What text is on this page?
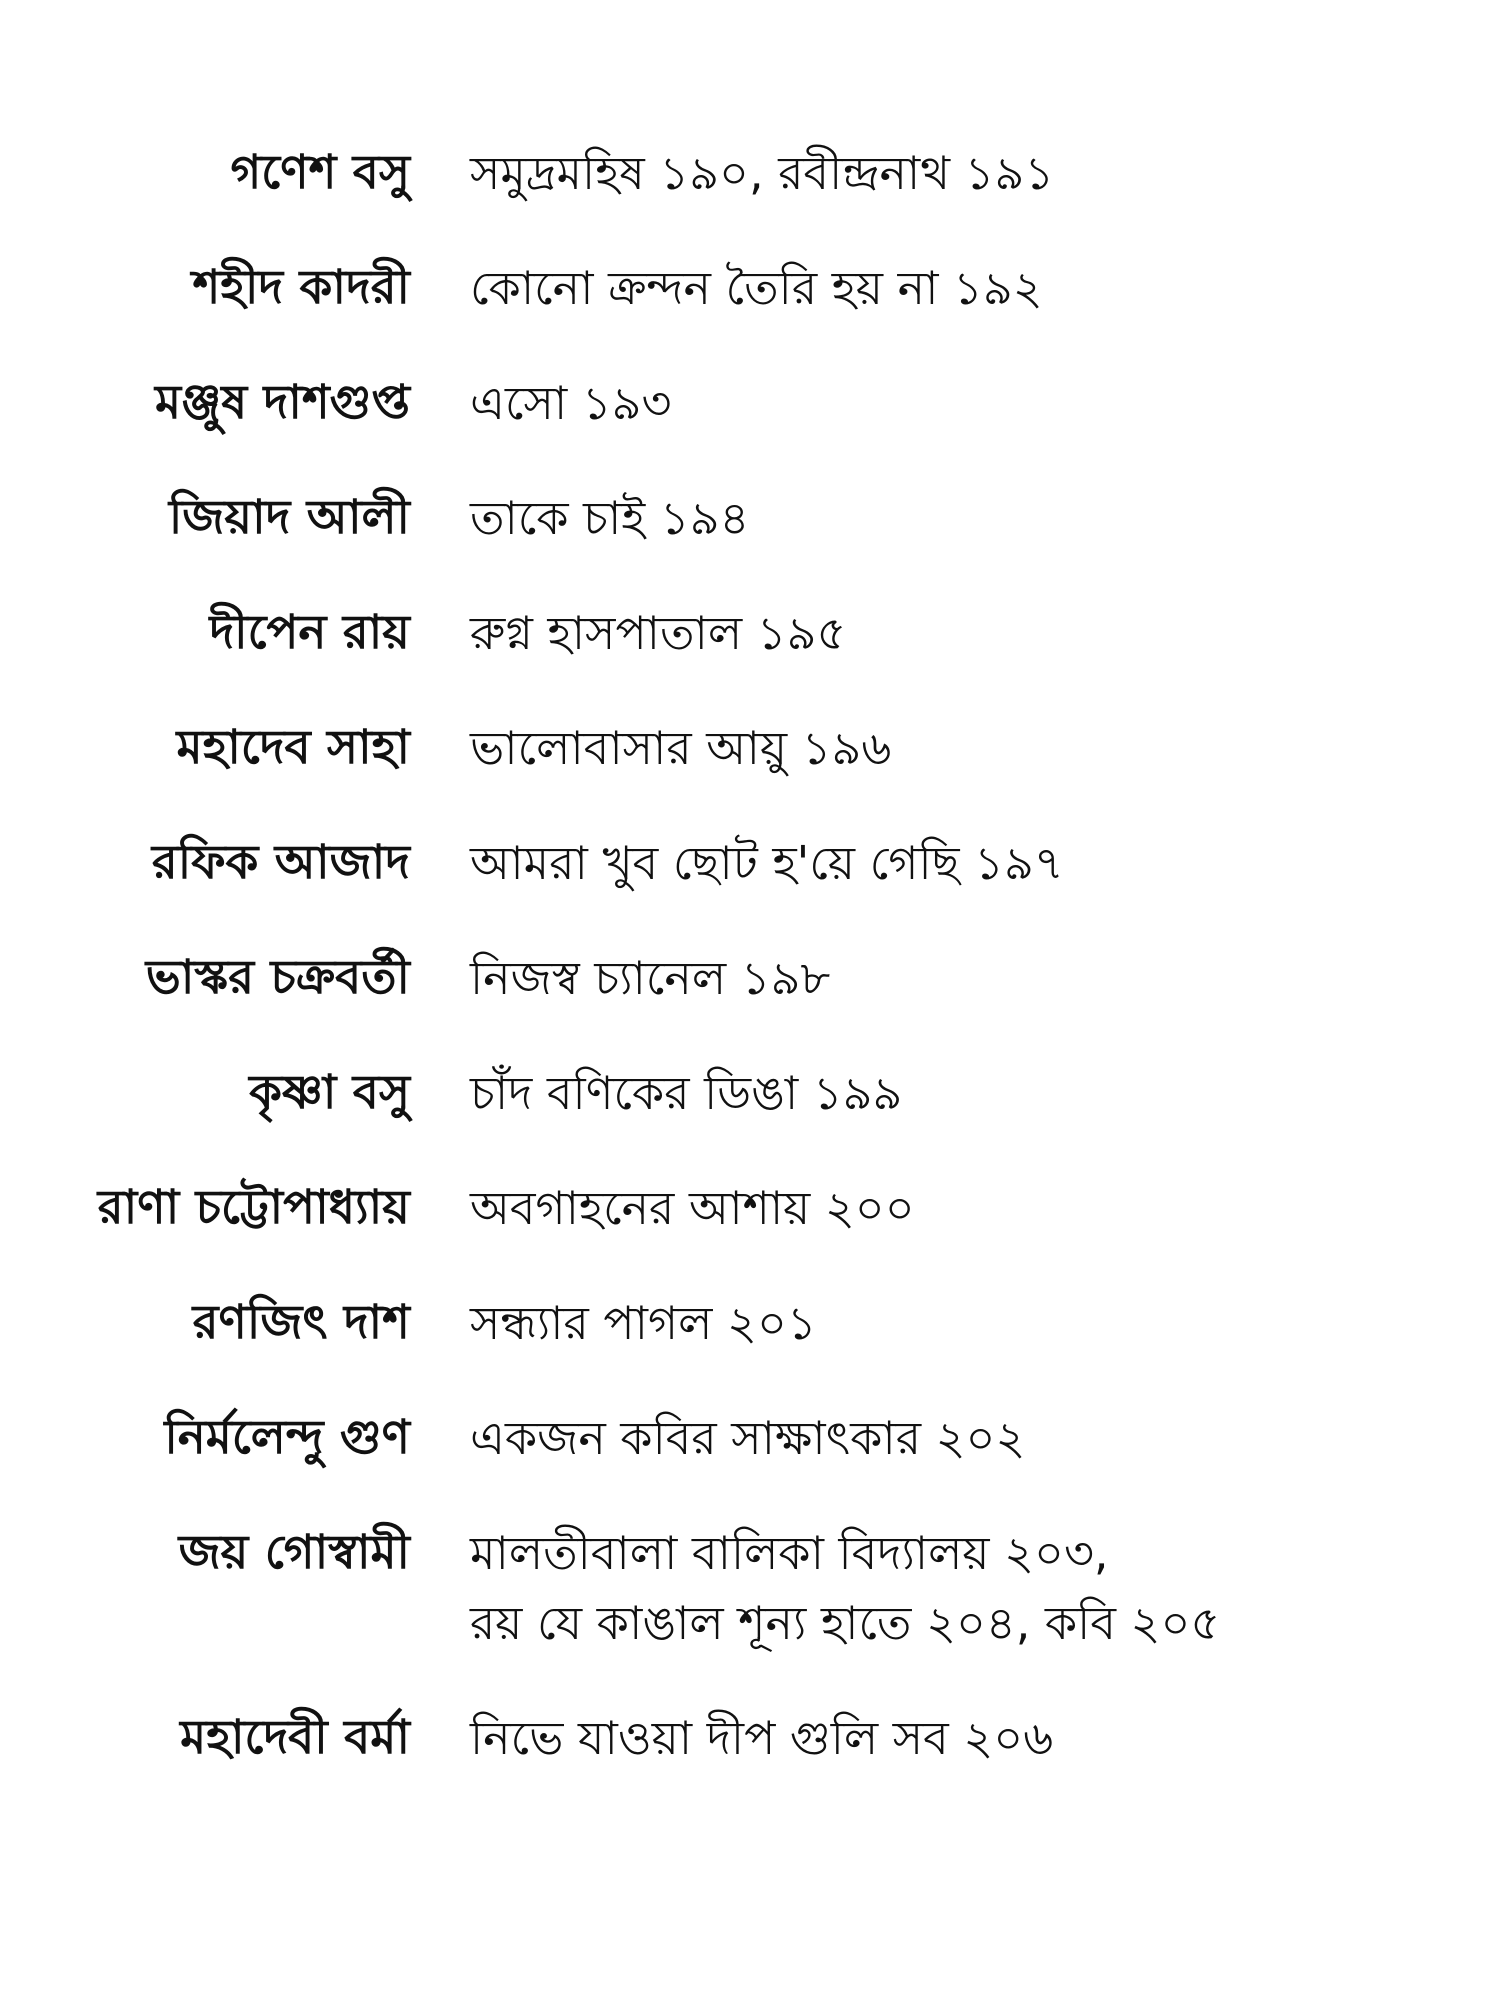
গণেশ বসু সমুদ্রমহিষ ১৯০, রবীন্দ্রনাথ ১৯১
শহীদ কাদরী কোনো ক্রন্দন তৈরি হয় না ১৯২
মঞ্জুষ দাশগুপ্ত এসো ১৯৩
জিয়াদ আলী তাকে চাই ১৯৪
দীপেন রায় রুগ্ন হাসপাতাল ১৯৫
মহাদেব সাহা ভালোবাসার আয়ু ১৯৬
রফিক আজাদ আমরা খুব ছোট হ'য়ে গেছি ১৯৭
ভাস্কর চক্রবর্তী নিজস্ব চ্যানেল ১৯৮
কৃষ্ণা বসু চাঁদ বণিকের ডিঙা ১৯৯
রাণা চট্টোপাধ্যায় অবগাহনের আশায় ২০০
রণজিৎ দাশ সন্ধ্যার পাগল ২০১
নির্মলেন্দু গুণ একজন কবির সাক্ষাৎকার ২০২
জয় গোস্বামী মালতীবালা বালিকা বিদ্যালয় ২০৩,
রয় যে কাঙাল শূন্য হাতে ২০৪, কবি ২০৫
মহাদেবী বর্মা নিভে যাওয়া দীপ গুলি সব ২০৬
